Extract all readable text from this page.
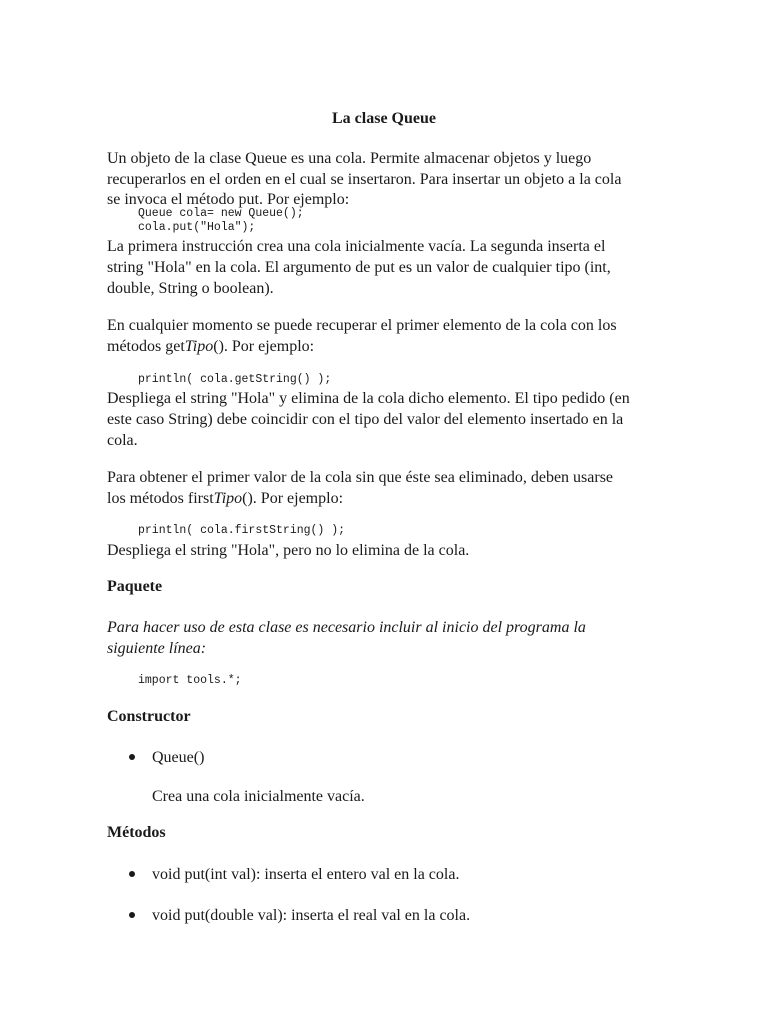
La clase Queue
Un objeto de la clase Queue es una cola. Permite almacenar objetos y luego
recuperarlos en el orden en el cual se insertaron. Para insertar un objeto a la cola
se invoca el método put. Por ejemplo:
Queue cola= new Queue();
cola.put("Hola");
La primera instrucción crea una cola inicialmente vacía. La segunda inserta el
string "Hola" en la cola. El argumento de put es un valor de cualquier tipo (int,
double, String o boolean).
En cualquier momento se puede recuperar el primer elemento de la cola con los
métodos getTipo(). Por ejemplo:
println( cola.getString() );
Despliega el string "Hola" y elimina de la cola dicho elemento. El tipo pedido (en
este caso String) debe coincidir con el tipo del valor del elemento insertado en la
cola.
Para obtener el primer valor de la cola sin que éste sea eliminado, deben usarse
los métodos firstTipo(). Por ejemplo:
println( cola.firstString() );
Despliega el string "Hola", pero no lo elimina de la cola.
Paquete
Para hacer uso de esta clase es necesario incluir al inicio del programa la
siguiente línea:
import tools.*;
Constructor
Queue()
Crea una cola inicialmente vacía.
Métodos
void put(int val): inserta el entero val en la cola.
void put(double val): inserta el real val en la cola.
